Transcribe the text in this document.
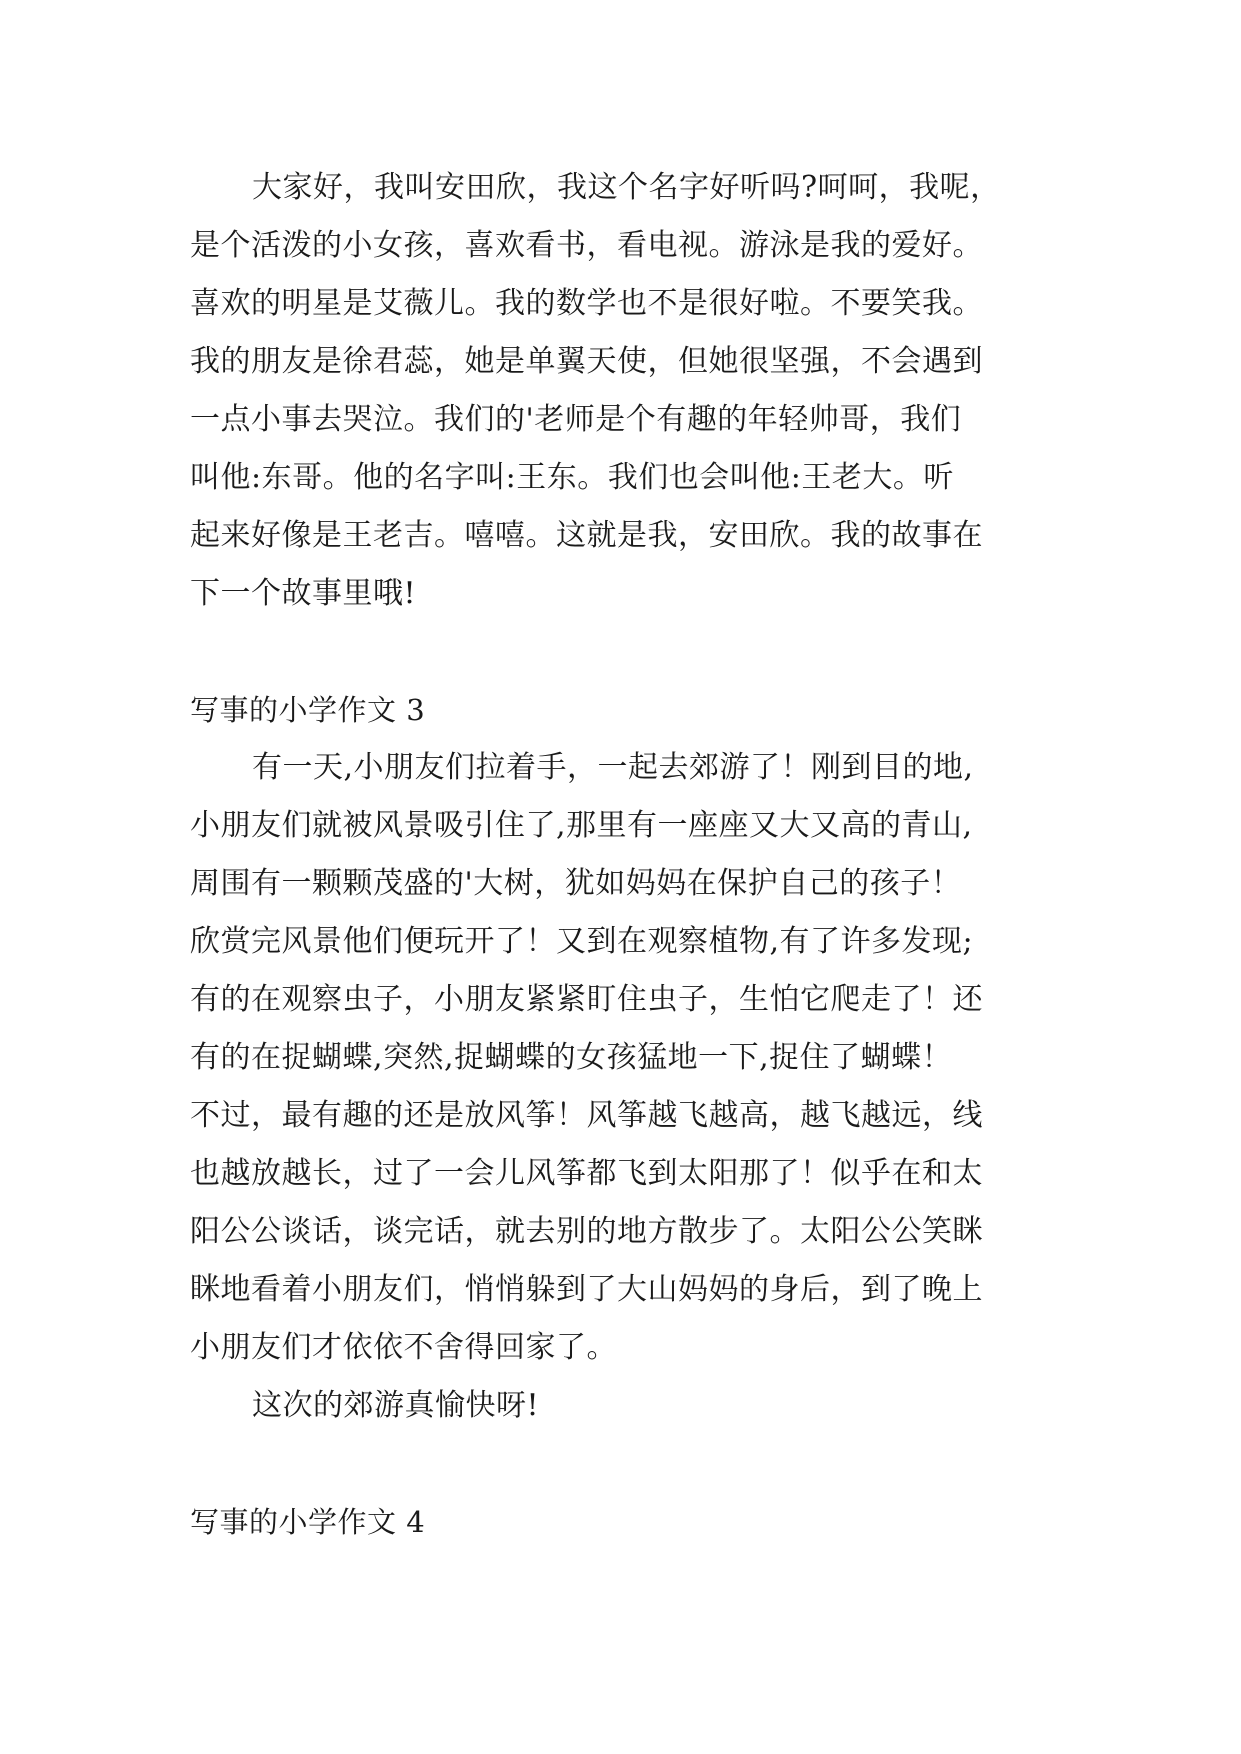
大家好，我叫安田欣，我这个名字好听吗?呵呵，我呢，
是个活泼的小女孩，喜欢看书，看电视。游泳是我的爱好。
喜欢的明星是艾薇儿。我的数学也不是很好啦。不要笑我。
我的朋友是徐君蕊，她是单翼天使，但她很坚强，不会遇到
一点小事去哭泣。我们的'老师是个有趣的年轻帅哥，我们
叫他:东哥。他的名字叫:王东。我们也会叫他:王老大。听
起来好像是王老吉。嘻嘻。这就是我，安田欣。我的故事在
下一个故事里哦!
写事的小学作文 3
有一天,小朋友们拉着手，一起去郊游了！刚到目的地,
小朋友们就被风景吸引住了,那里有一座座又大又高的青山,
周围有一颗颗茂盛的'大树，犹如妈妈在保护自己的孩子！
欣赏完风景他们便玩开了！又到在观察植物,有了许多发现;
有的在观察虫子，小朋友紧紧盯住虫子，生怕它爬走了！还
有的在捉蝴蝶,突然,捉蝴蝶的女孩猛地一下,捉住了蝴蝶！
不过，最有趣的还是放风筝！风筝越飞越高，越飞越远，线
也越放越长，过了一会儿风筝都飞到太阳那了！似乎在和太
阳公公谈话，谈完话，就去别的地方散步了。太阳公公笑眯
眯地看着小朋友们，悄悄躲到了大山妈妈的身后，到了晚上
小朋友们才依依不舍得回家了。
这次的郊游真愉快呀!
写事的小学作文 4
